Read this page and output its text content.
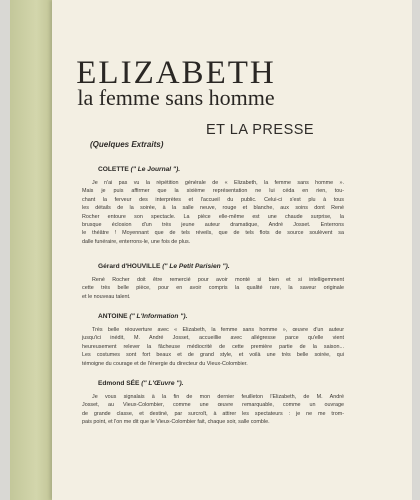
ELIZABETH
la femme sans homme
ET LA PRESSE
(Quelques Extraits)
COLETTE (" Le Journal ").
Je n'ai pas vu la répétition générale de « Elizabeth, la femme sans homme ».
Mais je puis affirmer que la sixième représentation ne lui céda en rien, tou-
chant la ferveur des interprètes et l'accueil du public. Celui-ci s'est plu à tous
les détails de la soirée, à la salle neuve, rouge et blanche, aux soins dont René
Rocher entoure son spectacle. La pièce elle-même est une chaude surprise, la
brusque éclosion d'un très jeune auteur dramatique, André Josset. Enterrons
le théâtre ! Moyennant que de tels réveils, que de tels flots de source soulèvent sa
dalle funéraire, enterrons-le, une fois de plus.
Gérard d'HOUVILLE (" Le Petit Parisien ").
René Rocher doit être remercié pour avoir monté si bien et si intelligemment
cette très belle pièce, pour en avoir compris la qualité rare, la saveur originale
et le nouveau talent.
ANTOINE (" L'Information ").
Très belle réouverture avec « Elizabeth, la femme sans homme », œuvre d'un auteur
jusqu'ici inédit, M. André Josset, accueillie avec allégresse parce qu'elle vient
heureusement relever la fâcheuse médiocrité de cette première partie de la saison...
Les costumes sont fort beaux et de grand style, et voilà une très belle soirée, qui
témoigne du courage et de l'énergie du directeur du Vieux-Colombier.
Edmond SÉE (" L'Œuvre ").
Je vous signalais à la fin de mon dernier feuilleton l'Elizabeth, de M. André
Josset, au Vieux-Colombier, comme une œuvre remarquable, comme un ouvrage
de grande classe, et destiné, par surcroît, à attirer les spectateurs : je ne me trom-
pais point, et l'on me dit que le Vieux-Colombier fait, chaque soir, salle comble.
